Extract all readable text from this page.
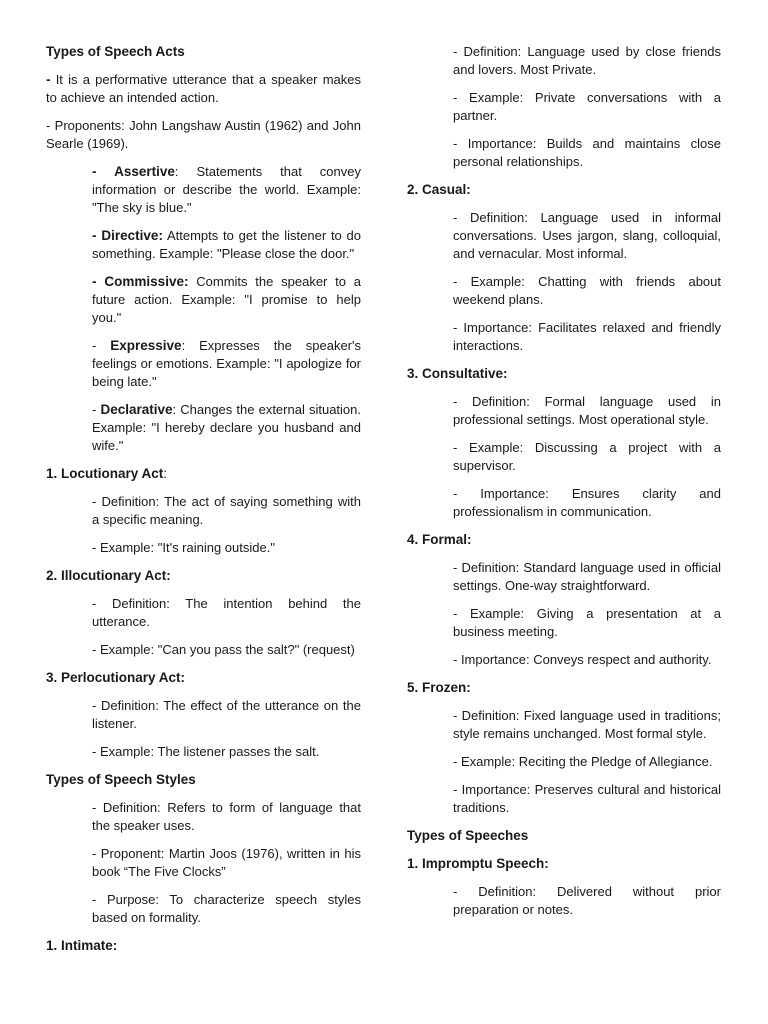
Types of Speech Acts

- It is a performative utterance that a speaker makes to achieve an intended action.

- Proponents: John Langshaw Austin (1962) and John Searle (1969).

- Assertive: Statements that convey information or describe the world. Example: "The sky is blue."

- Directive: Attempts to get the listener to do something. Example: "Please close the door."

- Commissive: Commits the speaker to a future action. Example: "I promise to help you."

- Expressive: Expresses the speaker's feelings or emotions. Example: "I apologize for being late."

- Declarative: Changes the external situation. Example: "I hereby declare you husband and wife."

1. Locutionary Act:

- Definition: The act of saying something with a specific meaning.

- Example: "It's raining outside."

2. Illocutionary Act:

- Definition: The intention behind the utterance.

- Example: "Can you pass the salt?" (request)

3. Perlocutionary Act:

- Definition: The effect of the utterance on the listener.

- Example: The listener passes the salt.

Types of Speech Styles

- Definition: Refers to form of language that the speaker uses.

- Proponent: Martin Joos (1976), written in his book “The Five Clocks”

- Purpose: To characterize speech styles based on formality.

1. Intimate:

- Definition: Language used by close friends and lovers. Most Private.

- Example: Private conversations with a partner.

- Importance: Builds and maintains close personal relationships.

2. Casual:

- Definition: Language used in informal conversations. Uses jargon, slang, colloquial, and vernacular. Most informal.

- Example: Chatting with friends about weekend plans.

- Importance: Facilitates relaxed and friendly interactions.

3. Consultative:

- Definition: Formal language used in professional settings. Most operational style.

- Example: Discussing a project with a supervisor.

- Importance: Ensures clarity and professionalism in communication.

4. Formal:

- Definition: Standard language used in official settings. One-way straightforward.

- Example: Giving a presentation at a business meeting.

- Importance: Conveys respect and authority.

5. Frozen:

- Definition: Fixed language used in traditions; style remains unchanged. Most formal style.

- Example: Reciting the Pledge of Allegiance.

- Importance: Preserves cultural and historical traditions.

Types of Speeches

1. Impromptu Speech:

- Definition: Delivered without prior preparation or notes.
